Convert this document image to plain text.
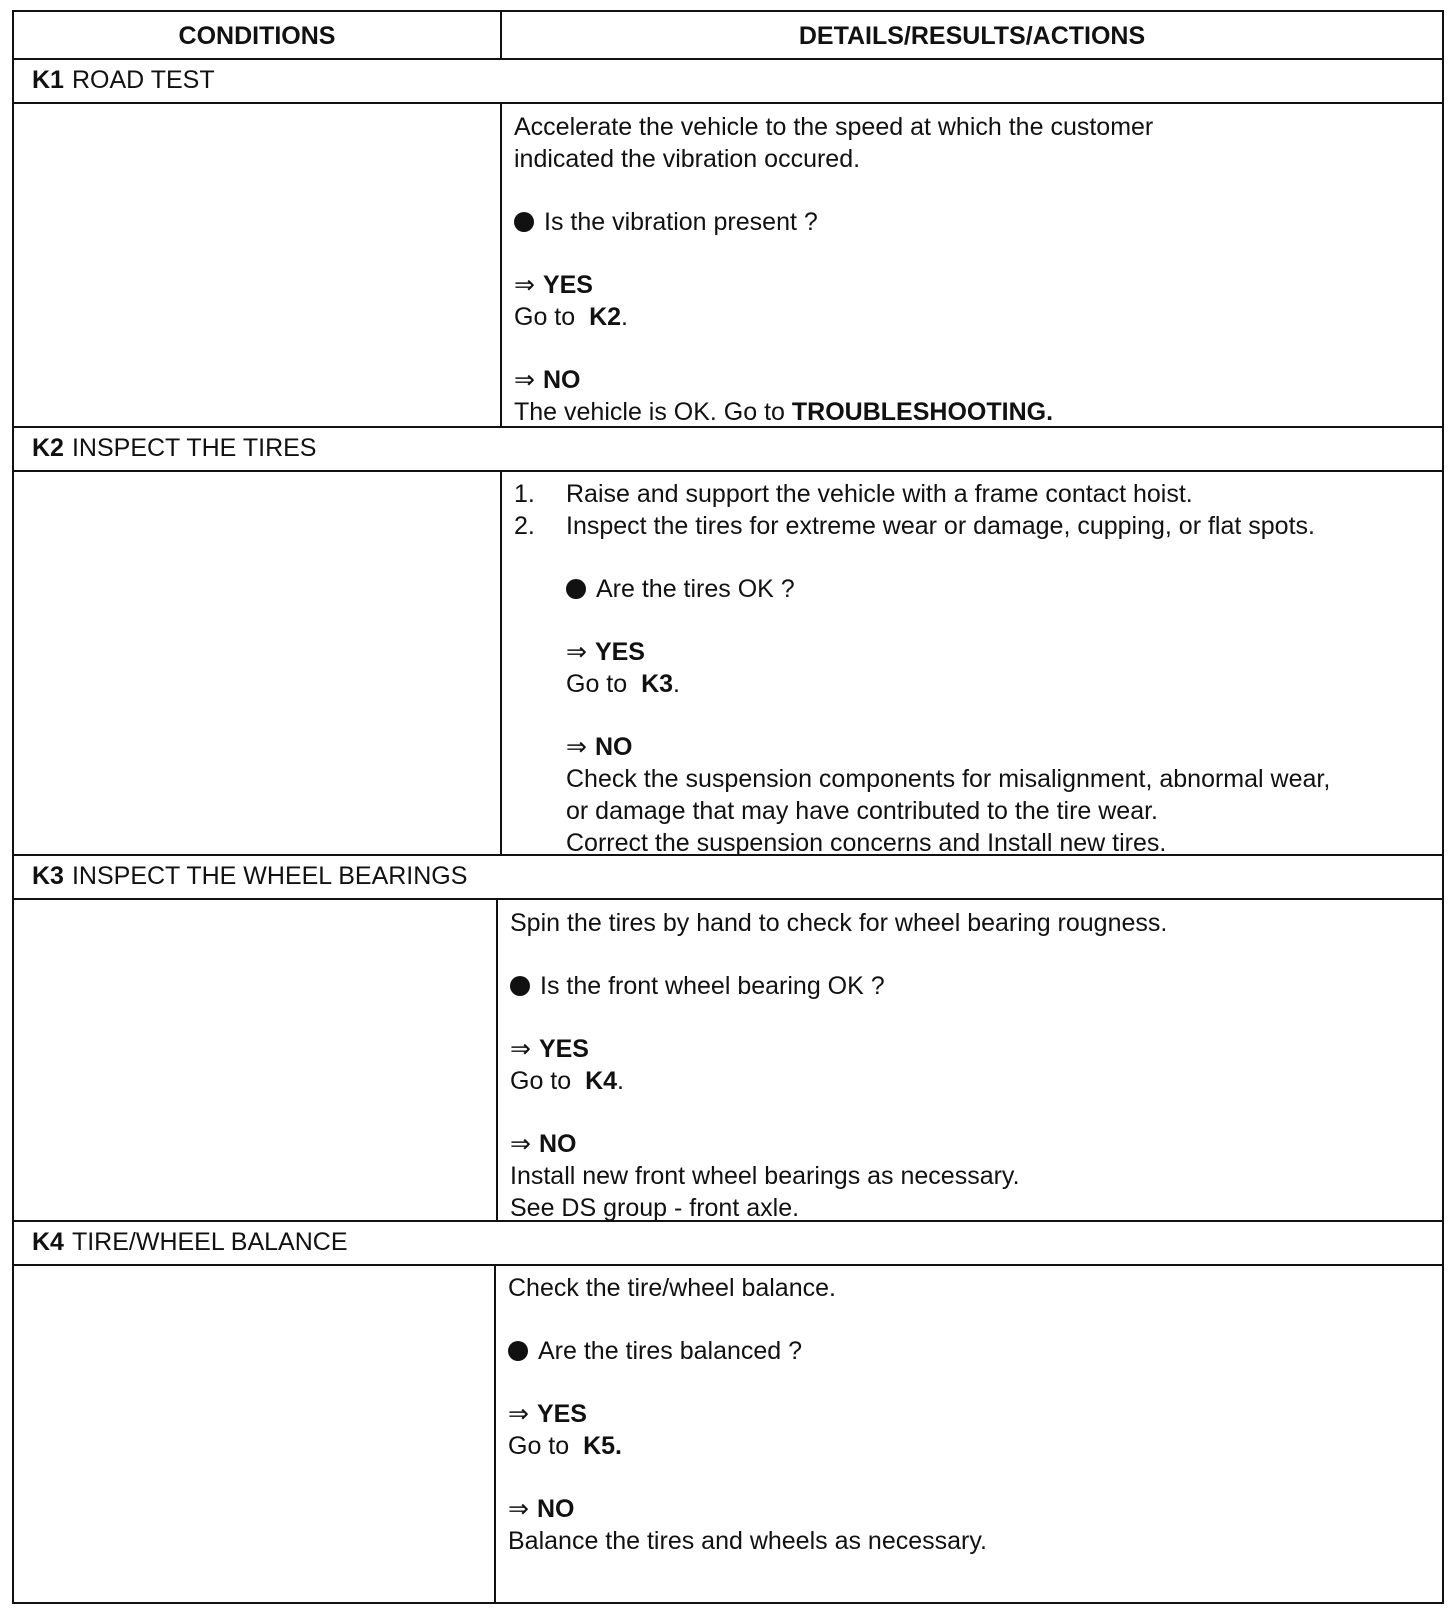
CONDITIONS	DETAILS/RESULTS/ACTIONS
K1 ROAD TEST

Accelerate the vehicle to the speed at which the customer

indicated the vibration occured.

Is the vibration present ?

⇒ YES

Go to K2.

⇒ NO

The vehicle is OK. Go to TROUBLESHOOTING.

K2 INSPECT THE TIRES

1. Raise and support the vehicle with a frame contact hoist.

2. Inspect the tires for extreme wear or damage, cupping, or flat spots.

Are the tires OK ?

⇒ YES

Go to K3.

⇒ NO

Check the suspension components for misalignment, abnormal wear,

or damage that may have contributed to the tire wear.

Correct the suspension concerns and Install new tires.

K3 INSPECT THE WHEEL BEARINGS

Spin the tires by hand to check for wheel bearing rougness.

Is the front wheel bearing OK ?

⇒ YES

Go to K4.

⇒ NO

Install new front wheel bearings as necessary.

See DS group - front axle.

K4 TIRE/WHEEL BALANCE

Check the tire/wheel balance.

Are the tires balanced ?

⇒ YES

Go to K5.

⇒ NO

Balance the tires and wheels as necessary.
